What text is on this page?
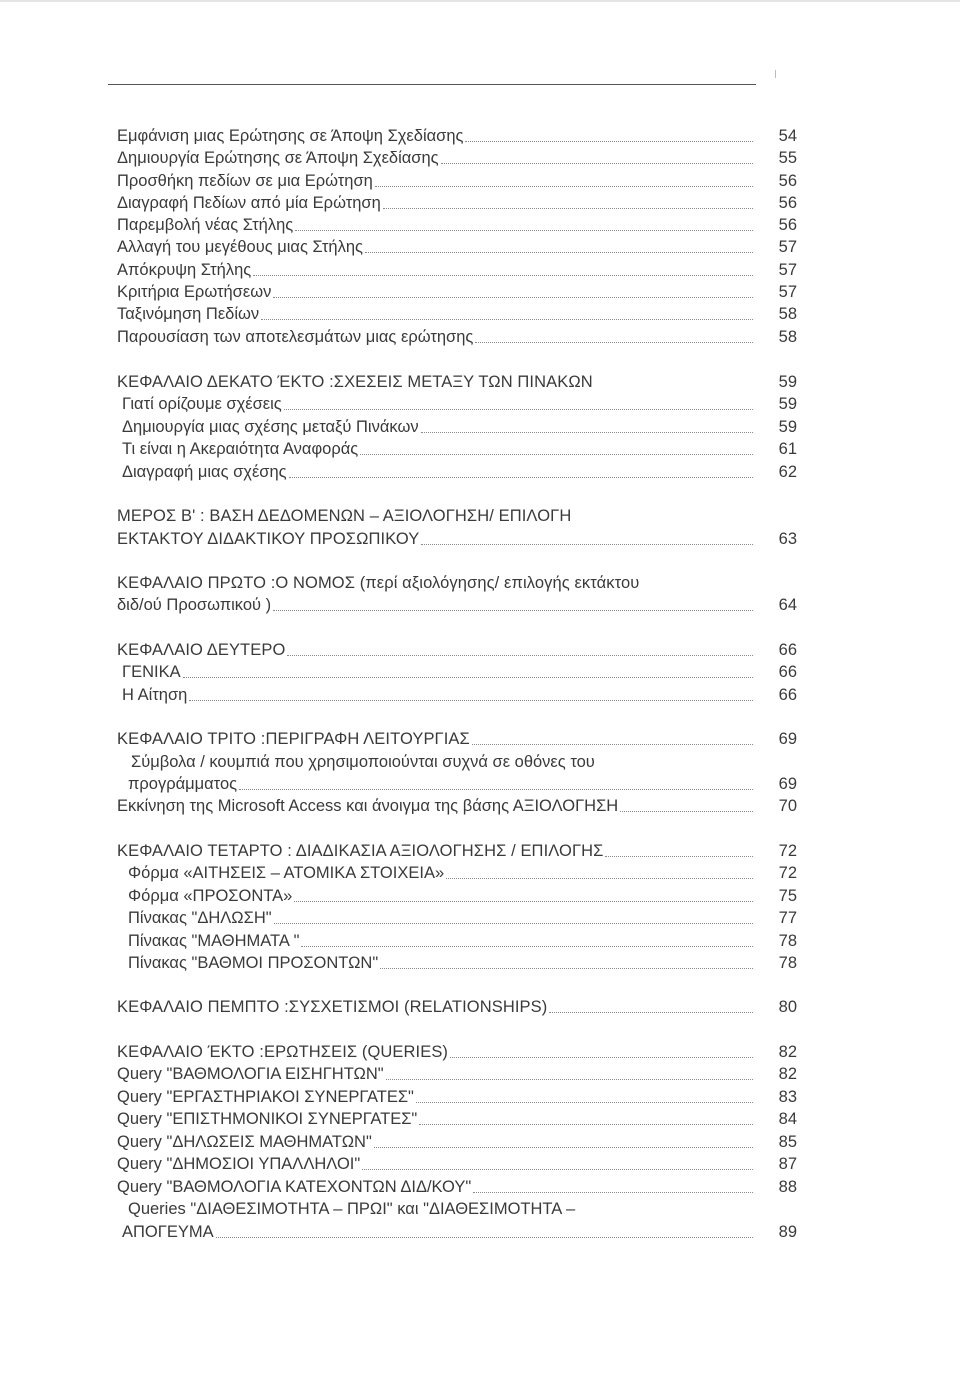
Εμφάνιση μιας Ερώτησης σε Άποψη Σχεδίασης	54
Δημιουργία Ερώτησης σε Άποψη Σχεδίασης	55
Προσθήκη πεδίων σε μια Ερώτηση	56
Διαγραφή Πεδίων από μία Ερώτηση	56
Παρεμβολή νέας Στήλης	56
Αλλαγή του μεγέθους μιας Στήλης	57
Απόκρυψη Στήλης	57
Κριτήρια Ερωτήσεων	57
Ταξινόμηση Πεδίων	58
Παρουσίαση των αποτελεσμάτων μιας ερώτησης	58
ΚΕΦΑΛΑΙΟ ΔΕΚΑΤΟ ΈΚΤΟ :ΣΧΕΣΕΙΣ ΜΕΤΑΞΥ ΤΩΝ ΠΙΝΑΚΩΝ	59
Γιατί ορίζουμε σχέσεις	59
Δημιουργία μιας σχέσης μεταξύ Πινάκων	59
Τι είναι η Ακεραιότητα Αναφοράς	61
Διαγραφή μιας σχέσης	62
ΜΕΡΟΣ Β' : ΒΑΣΗ ΔΕΔΟΜΕΝΩΝ – ΑΞΙΟΛΟΓΗΣΗ/ ΕΠΙΛΟΓΗ
ΕΚΤΑΚΤΟΥ ΔΙΔΑΚΤΙΚΟΥ ΠΡΟΣΩΠΙΚΟΥ	63
ΚΕΦΑΛΑΙΟ ΠΡΩΤΟ :Ο ΝΟΜΟΣ (περί αξιολόγησης/ επιλογής εκτάκτου
διδ/ού Προσωπικού )	64
ΚΕΦΑΛΑΙΟ ΔΕΥΤΕΡΟ	66
ΓΕΝΙΚΑ	66
Η Αίτηση	66
ΚΕΦΑΛΑΙΟ ΤΡΙΤΟ :ΠΕΡΙΓΡΑΦΗ ΛΕΙΤΟΥΡΓΙΑΣ	69
Σύμβολα / κουμπιά που χρησιμοποιούνται συχνά σε οθόνες του
προγράμματος	69
Εκκίνηση της Microsoft Access και άνοιγμα της βάσης ΑΞΙΟΛΟΓΗΣΗ	70
ΚΕΦΑΛΑΙΟ ΤΕΤΑΡΤΟ : ΔΙΑΔΙΚΑΣΙΑ ΑΞΙΟΛΟΓΗΣΗΣ / ΕΠΙΛΟΓΗΣ	72
Φόρμα «ΑΙΤΗΣΕΙΣ – ΑΤΟΜΙΚΑ ΣΤΟΙΧΕΙΑ»	72
Φόρμα «ΠΡΟΣΟΝΤΑ»	75
Πίνακας "ΔΗΛΩΣΗ"	77
Πίνακας "ΜΑΘΗΜΑΤΑ "	78
Πίνακας "ΒΑΘΜΟΙ ΠΡΟΣΟΝΤΩΝ"	78
ΚΕΦΑΛΑΙΟ ΠΕΜΠΤΟ :ΣΥΣΧΕΤΙΣΜΟΙ (RELATIONSHIPS)	80
ΚΕΦΑΛΑΙΟ ΈΚΤΟ :ΕΡΩΤΗΣΕΙΣ (QUERIES)	82
Query "ΒΑΘΜΟΛΟΓΙΑ ΕΙΣΗΓΗΤΩΝ"	82
Query "ΕΡΓΑΣΤΗΡΙΑΚΟΙ ΣΥΝΕΡΓΑΤΕΣ"	83
Query "ΕΠΙΣΤΗΜΟΝΙΚΟΙ ΣΥΝΕΡΓΑΤΕΣ"	84
Query "ΔΗΛΩΣΕΙΣ ΜΑΘΗΜΑΤΩΝ"	85
Query "ΔΗΜΟΣΙΟΙ ΥΠΑΛΛΗΛΟΙ"	87
Query "ΒΑΘΜΟΛΟΓΙΑ ΚΑΤΕΧΟΝΤΩΝ ΔΙΔ/ΚΟΥ"	88
Queries "ΔΙΑΘΕΣΙΜΟΤΗΤΑ – ΠΡΩΙ" και "ΔΙΑΘΕΣΙΜΟΤΗΤΑ –
ΑΠΟΓΕΥΜΑ	89
